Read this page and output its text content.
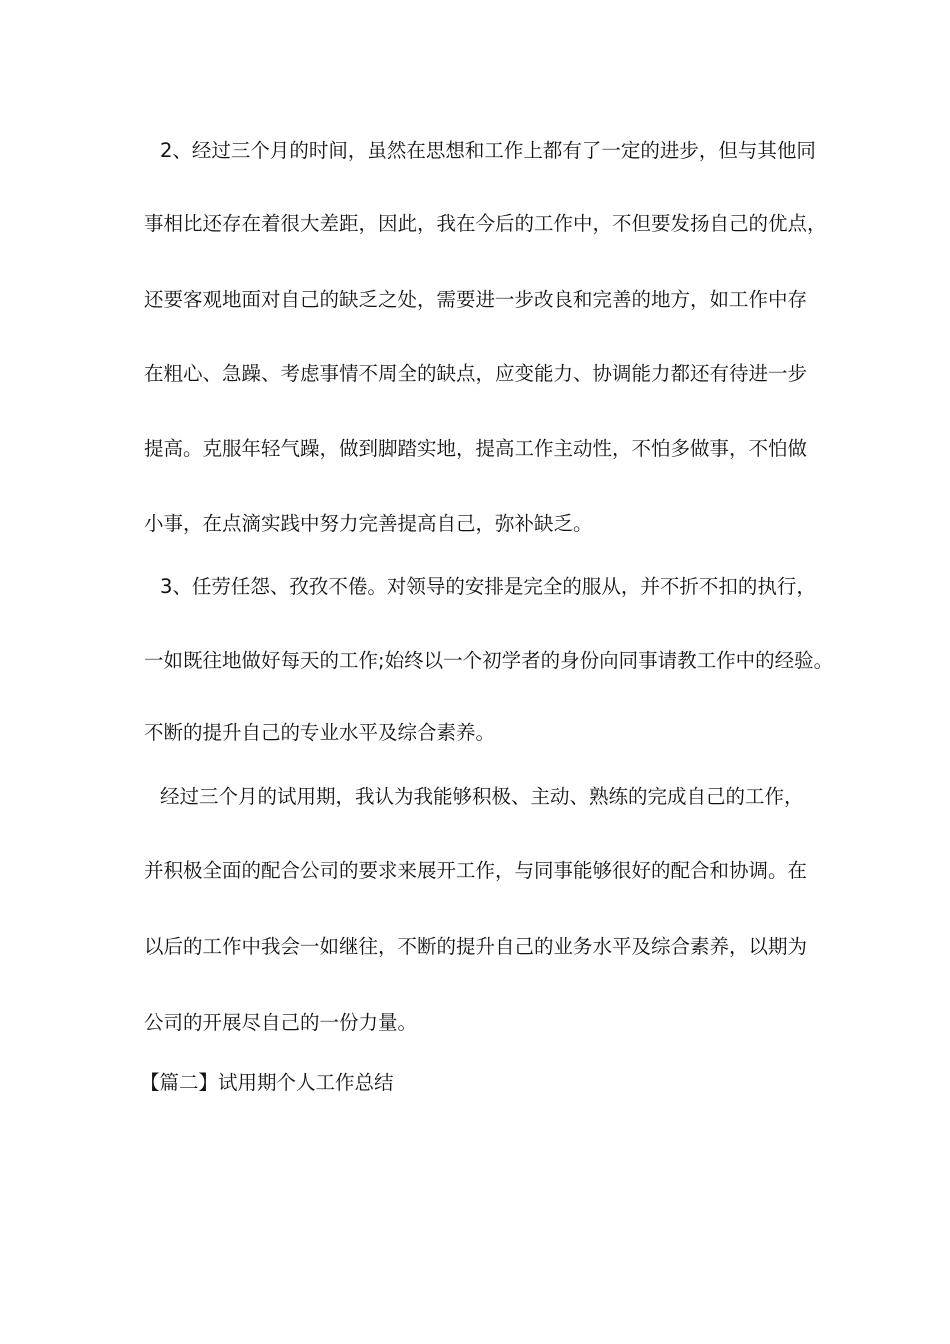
2、经过三个月的时间，虽然在思想和工作上都有了一定的进步，但与其他同
事相比还存在着很大差距，因此，我在今后的工作中，不但要发扬自己的优点，
还要客观地面对自己的缺乏之处，需要进一步改良和完善的地方，如工作中存
在粗心、急躁、考虑事情不周全的缺点，应变能力、协调能力都还有待进一步
提高。克服年轻气躁，做到脚踏实地，提高工作主动性，不怕多做事，不怕做
小事，在点滴实践中努力完善提高自己，弥补缺乏。
3、任劳任怨、孜孜不倦。对领导的安排是完全的服从，并不折不扣的执行，
一如既往地做好每天的工作;始终以一个初学者的身份向同事请教工作中的经验。
不断的提升自己的专业水平及综合素养。
经过三个月的试用期，我认为我能够积极、主动、熟练的完成自己的工作，
并积极全面的配合公司的要求来展开工作，与同事能够很好的配合和协调。在
以后的工作中我会一如继往，不断的提升自己的业务水平及综合素养，以期为
公司的开展尽自己的一份力量。
【篇二】试用期个人工作总结
